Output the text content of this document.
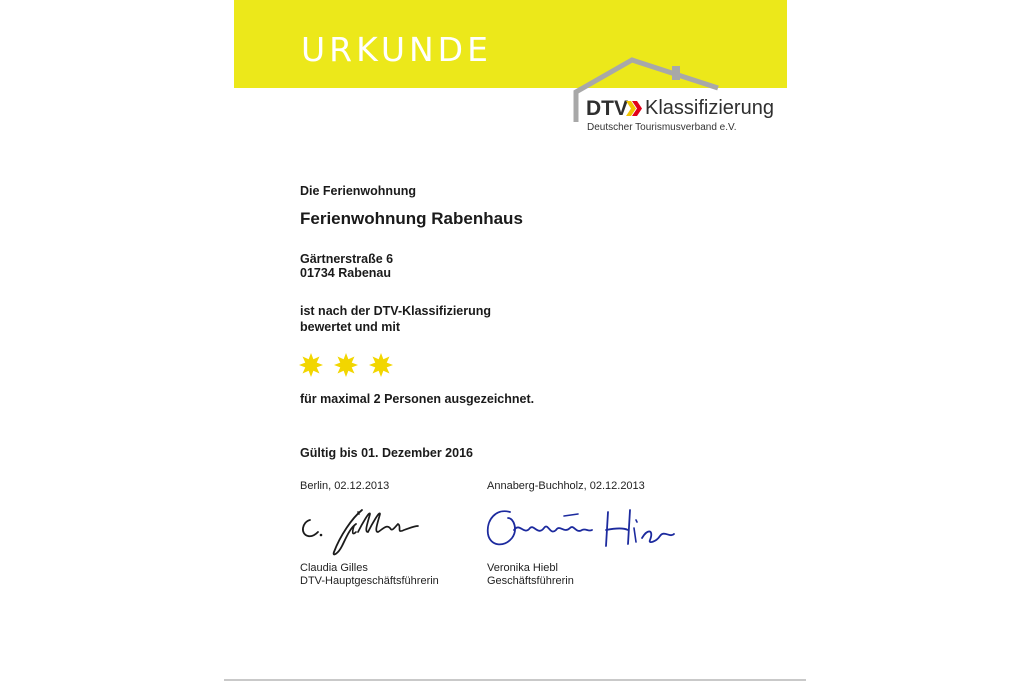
URKUNDE
DTV Klassifizierung
Deutscher Tourismusverband e.V.
Die Ferienwohnung
Ferienwohnung Rabenhaus
Gärtnerstraße 6
01734 Rabenau
ist nach der DTV-Klassifizierung
bewertet und mit
für maximal 2 Personen ausgezeichnet.
Gültig bis 01. Dezember 2016
Berlin, 02.12.2013
Claudia Gilles
DTV-Hauptgeschäftsführerin
Annaberg-Buchholz, 02.12.2013
Veronika Hiebl
Geschäftsführerin
